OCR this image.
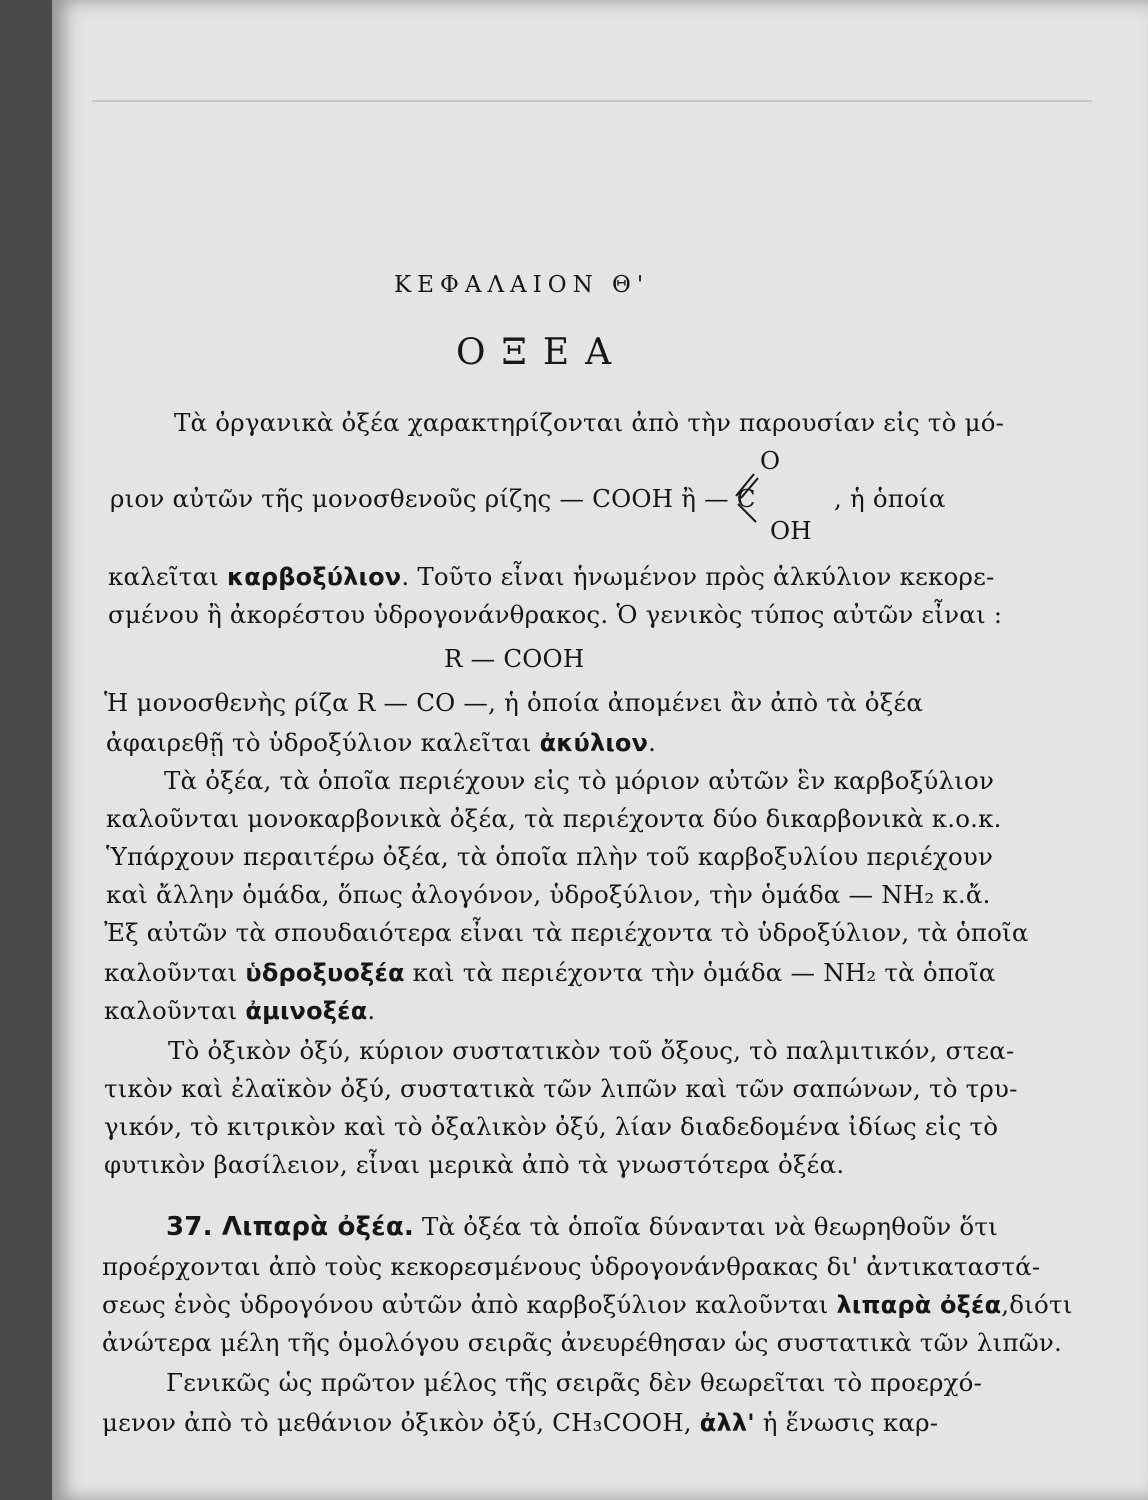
ΚΕΦΑΛΑΙΟΝ Θ'
ΟΞΕΑ
Τὰ ὀργανικὰ ὀξέα χαρακτηρίζονται ἀπὸ τὴν παρουσίαν εἰς τὸ μό-
O
ριον αὐτῶν τῆς μονοσθενοῦς ρίζης — COOH ἢ — C
OH
, ἡ ὁποία
καλεῖται καρβοξύλιον. Τοῦτο εἶναι ἡνωμένον πρὸς ἀλκύλιον κεκορε-
σμένου ἢ ἀκορέστου ὑδρογονάνθρακος. Ὁ γενικὸς τύπος αὐτῶν εἶναι :
R — COOH
Ἡ μονοσθενὴς ρίζα R — CO —, ἡ ὁποία ἀπομένει ἂν ἀπὸ τὰ ὀξέα
ἀφαιρεθῇ τὸ ὑδροξύλιον καλεῖται ἀκύλιον.
Τὰ ὀξέα, τὰ ὁποῖα περιέχουν εἰς τὸ μόριον αὐτῶν ἓν καρβοξύλιον
καλοῦνται μονοκαρβονικὰ ὀξέα, τὰ περιέχοντα δύο δικαρβονικὰ κ.ο.κ.
Ὑπάρχουν περαιτέρω ὀξέα, τὰ ὁποῖα πλὴν τοῦ καρβοξυλίου περιέχουν
καὶ ἄλλην ὁμάδα, ὅπως ἀλογόνον, ὑδροξύλιον, τὴν ὁμάδα — NH₂ κ.ἄ.
Ἐξ αὐτῶν τὰ σπουδαιότερα εἶναι τὰ περιέχοντα τὸ ὑδροξύλιον, τὰ ὁποῖα
καλοῦνται ὑδροξυοξέα καὶ τὰ περιέχοντα τὴν ὁμάδα — NH₂ τὰ ὁποῖα
καλοῦνται ἀμινοξέα.
Τὸ ὀξικὸν ὀξύ, κύριον συστατικὸν τοῦ ὄξους, τὸ παλμιτικόν, στεα-
τικὸν καὶ ἐλαϊκὸν ὀξύ, συστατικὰ τῶν λιπῶν καὶ τῶν σαπώνων, τὸ τρυ-
γικόν, τὸ κιτρικὸν καὶ τὸ ὀξαλικὸν ὀξύ, λίαν διαδεδομένα ἰδίως εἰς τὸ
φυτικὸν βασίλειον, εἶναι μερικὰ ἀπὸ τὰ γνωστότερα ὀξέα.
37. Λιπαρὰ ὀξέα. Τὰ ὀξέα τὰ ὁποῖα δύνανται νὰ θεωρηθοῦν ὅτι
προέρχονται ἀπὸ τοὺς κεκορεσμένους ὑδρογονάνθρακας δι' ἀντικαταστά-
σεως ἑνὸς ὑδρογόνου αὐτῶν ἀπὸ καρβοξύλιον καλοῦνται λιπαρὰ ὀξέα,διότι
ἀνώτερα μέλη τῆς ὁμολόγου σειρᾶς ἀνευρέθησαν ὡς συστατικὰ τῶν λιπῶν.
Γενικῶς ὡς πρῶτον μέλος τῆς σειρᾶς δὲν θεωρεῖται τὸ προερχό-
μενον ἀπὸ τὸ μεθάνιον ὀξικὸν ὀξύ, CH₃COOH, ἀλλ' ἡ ἕνωσις καρ-
